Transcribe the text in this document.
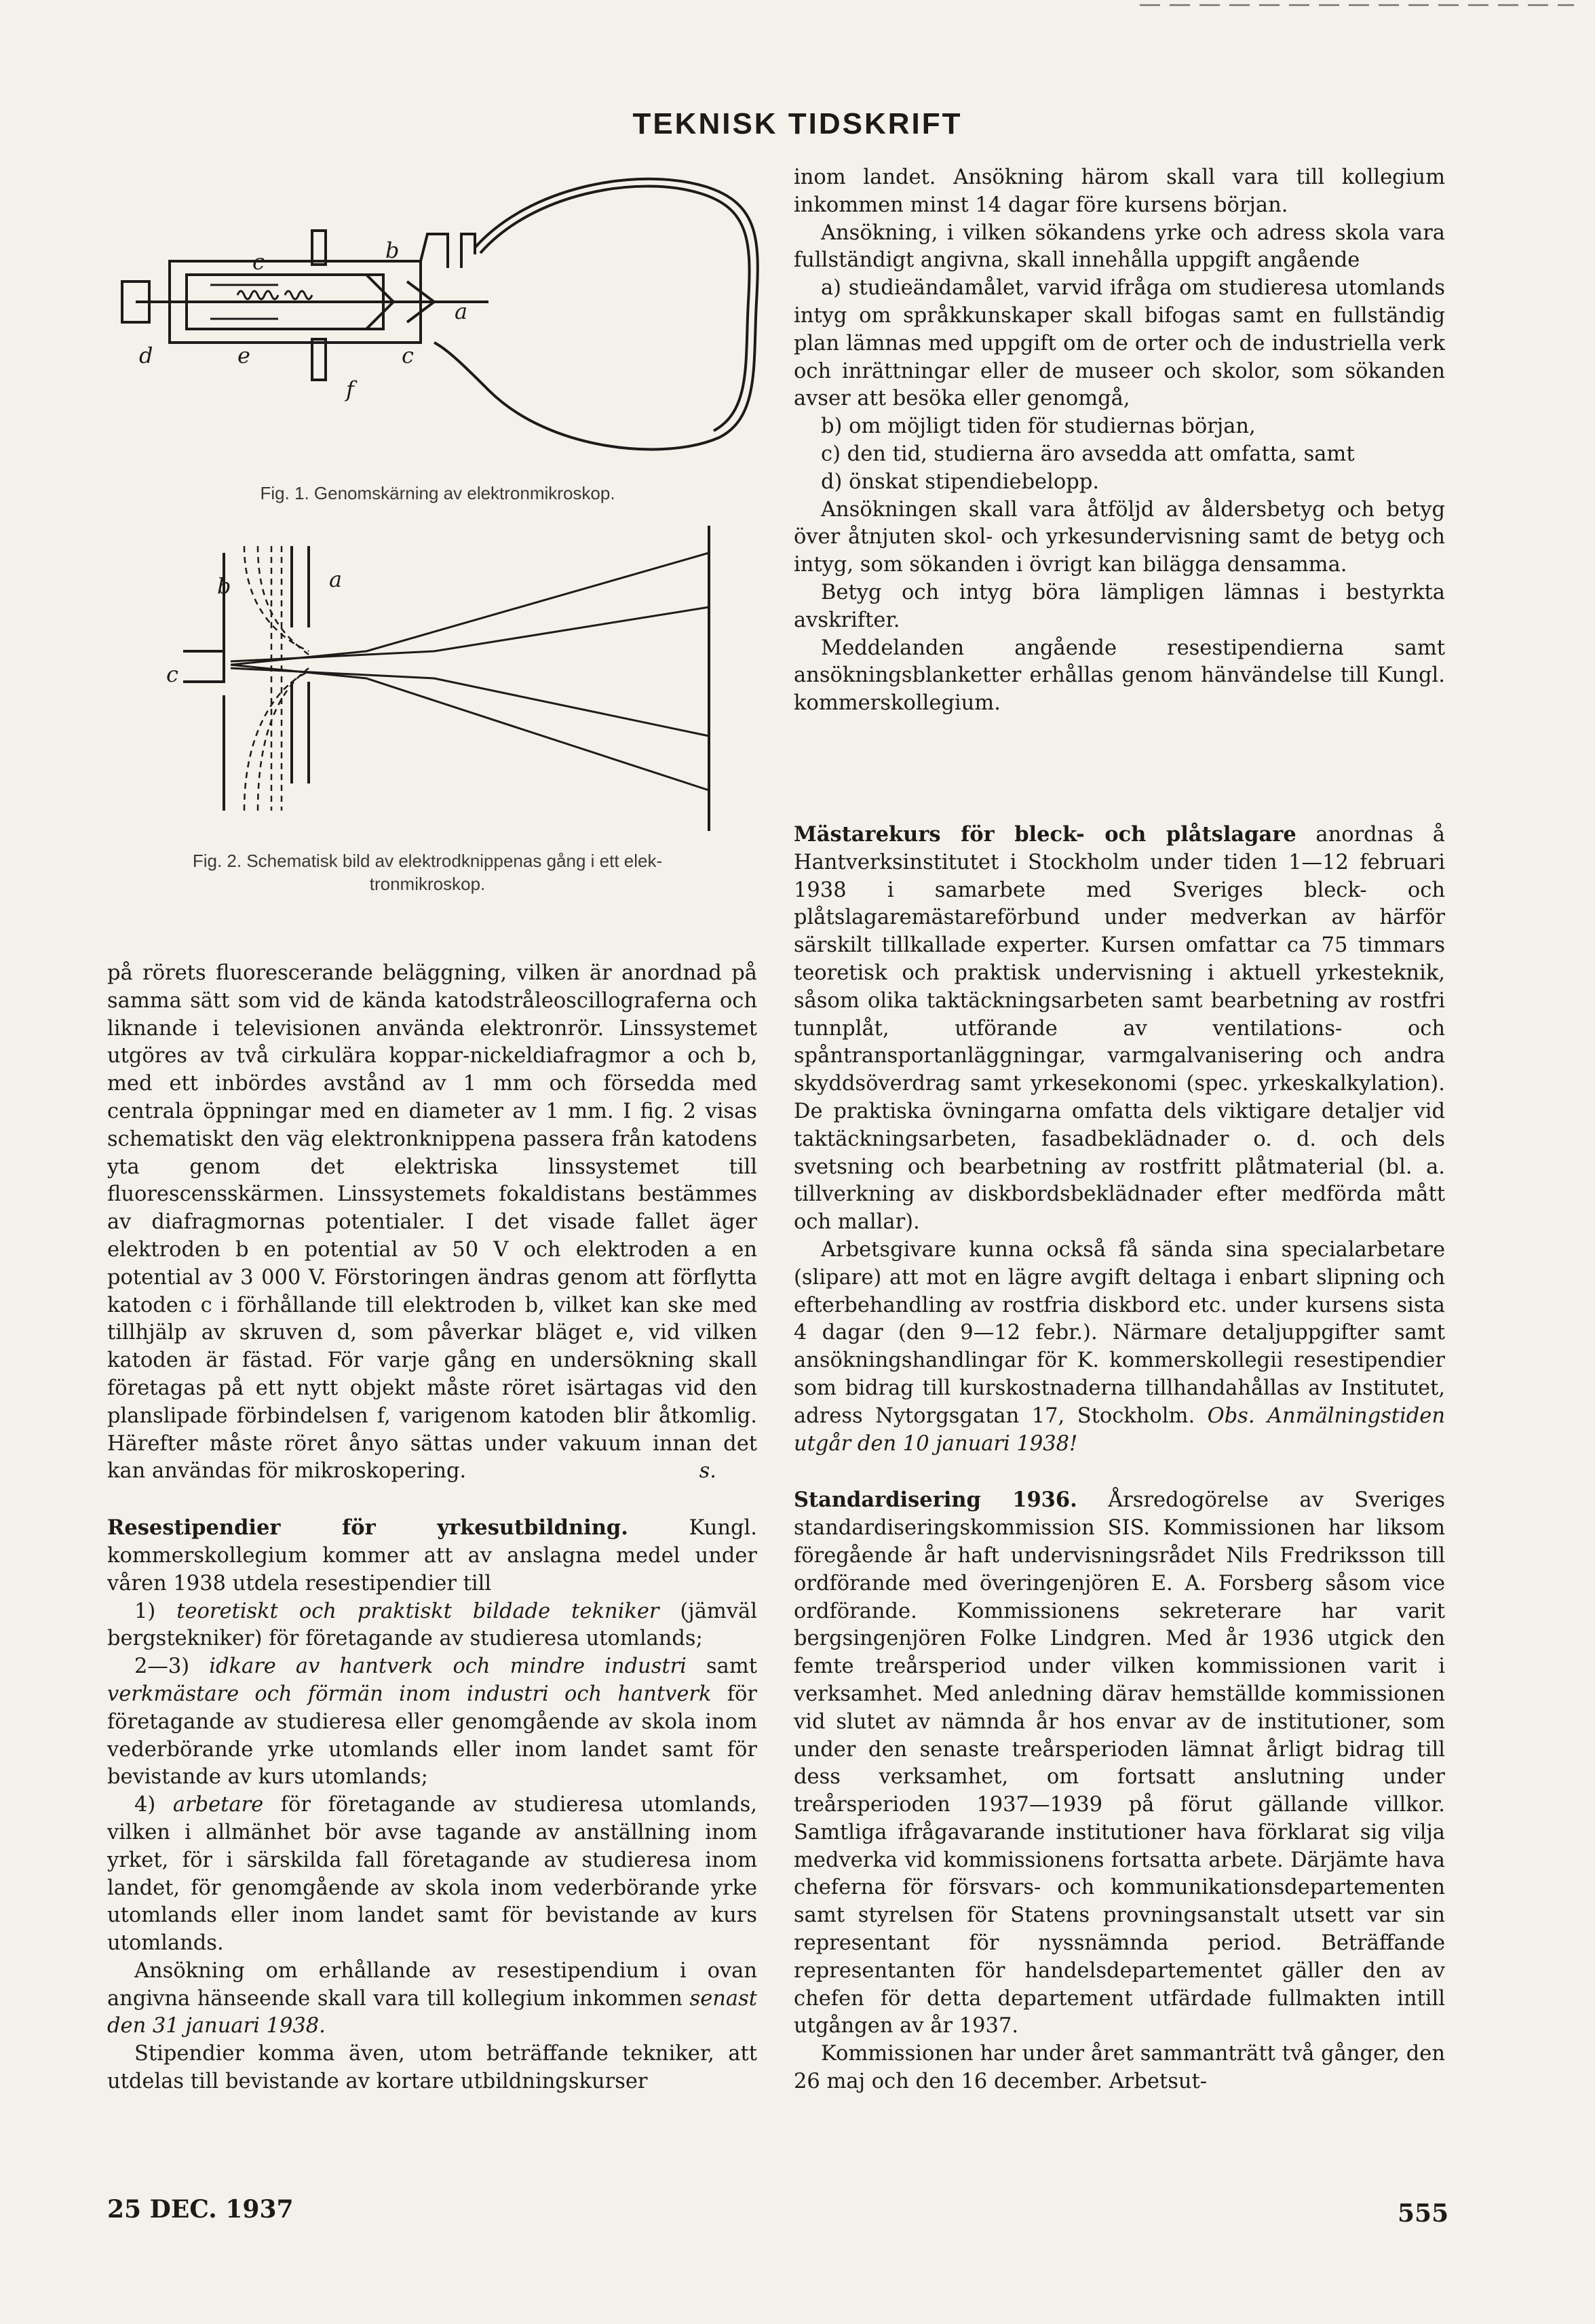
TEKNISK TIDSKRIFT
b
a
c
d	e
f
c
Fig. 1. Genomskärning av elektronmikroskop.
b	a
c
Fig. 2. Schematisk bild av elektrodknippenas gång i ett elek-
tronmikroskop.

på rörets fluorescerande beläggning, vilken är anordnad på samma sätt som vid de kända katodstråleoscillograferna och liknande i televisionen använda elektronrör. Linssystemet utgöres av två cirkulära koppar-nickeldiafragmor a och b, med ett inbördes avstånd av 1 mm och försedda med centrala öppningar med en diameter av 1 mm. I fig. 2 visas schematiskt den väg elektronknippena passera från katodens yta genom det elektriska linssystemet till fluorescensskärmen. Linssystemets fokaldistans bestämmes av diafragmornas potentialer. I det visade fallet äger elektroden b en potential av 50 V och elektroden a en potential av 3 000 V. Förstoringen ändras genom att förflytta katoden c i förhållande till elektroden b, vilket kan ske med tillhjälp av skruven d, som påverkar bläget e, vid vilken katoden är fästad. För varje gång en undersökning skall företagas på ett nytt objekt måste röret isärtagas vid den planslipade förbindelsen f, varigenom katoden blir åtkomlig. Härefter måste röret ånyo sättas under vakuum innan det kan användas för mikroskopering.	s.

Resestipendier för yrkesutbildning. Kungl. kommerskollegium kommer att av anslagna medel under våren 1938 utdela resestipendier till

1) teoretiskt och praktiskt bildade tekniker (jämväl bergstekniker) för företagande av studieresa utomlands;

2—3) idkare av hantverk och mindre industri samt verkmästare och förmän inom industri och hantverk för företagande av studieresa eller genomgående av skola inom vederbörande yrke utomlands eller inom landet samt för bevistande av kurs utomlands;

4) arbetare för företagande av studieresa utomlands, vilken i allmänhet bör avse tagande av anställning inom yrket, för i särskilda fall företagande av studieresa inom landet, för genomgående av skola inom vederbörande yrke utomlands eller inom landet samt för bevistande av kurs utomlands.

Ansökning om erhållande av resestipendium i ovan angivna hänseende skall vara till kollegium inkommen senast den 31 januari 1938.

Stipendier komma även, utom beträffande tekniker, att utdelas till bevistande av kortare utbildningskurser

inom landet. Ansökning härom skall vara till kollegium inkommen minst 14 dagar före kursens början.

Ansökning, i vilken sökandens yrke och adress skola vara fullständigt angivna, skall innehålla uppgift angående

a) studieändamålet, varvid ifråga om studieresa utomlands intyg om språkkunskaper skall bifogas samt en fullständig plan lämnas med uppgift om de orter och de industriella verk och inrättningar eller de museer och skolor, som sökanden avser att besöka eller genomgå,

b) om möjligt tiden för studiernas början,

c) den tid, studierna äro avsedda att omfatta, samt

d) önskat stipendiebelopp.

Ansökningen skall vara åtföljd av åldersbetyg och betyg över åtnjuten skol- och yrkesundervisning samt de betyg och intyg, som sökanden i övrigt kan bilägga densamma.

Betyg och intyg böra lämpligen lämnas i bestyrkta avskrifter.

Meddelanden angående resestipendierna samt ansökningsblanketter erhållas genom hänvändelse till Kungl. kommerskollegium.

Mästarekurs för bleck- och plåtslagare anordnas å Hantverksinstitutet i Stockholm under tiden 1—12 februari 1938 i samarbete med Sveriges bleck- och plåtslagaremästareförbund under medverkan av härför särskilt tillkallade experter. Kursen omfattar ca 75 timmars teoretisk och praktisk undervisning i aktuell yrkesteknik, såsom olika taktäckningsarbeten samt bearbetning av rostfri tunnplåt, utförande av ventilations- och spåntransportanläggningar, varmgalvanisering och andra skyddsöverdrag samt yrkesekonomi (spec. yrkeskalkylation). De praktiska övningarna omfatta dels viktigare detaljer vid taktäckningsarbeten, fasadbeklädnader o. d. och dels svetsning och bearbetning av rostfritt plåtmaterial (bl. a. tillverkning av diskbordsbeklädnader efter medförda mått och mallar).

Arbetsgivare kunna också få sända sina specialarbetare (slipare) att mot en lägre avgift deltaga i enbart slipning och efterbehandling av rostfria diskbord etc. under kursens sista 4 dagar (den 9—12 febr.). Närmare detaljuppgifter samt ansökningshandlingar för K. kommerskollegii resestipendier som bidrag till kurskostnaderna tillhandahållas av Institutet, adress Nytorgsgatan 17, Stockholm. Obs. Anmälningstiden utgår den 10 januari 1938!

Standardisering 1936. Årsredogörelse av Sveriges standardiseringskommission SIS. Kommissionen har liksom föregående år haft undervisningsrådet Nils Fredriksson till ordförande med överingenjören E. A. Forsberg såsom vice ordförande. Kommissionens sekreterare har varit bergsingenjören Folke Lindgren. Med år 1936 utgick den femte treårsperiod under vilken kommissionen varit i verksamhet. Med anledning därav hemställde kommissionen vid slutet av nämnda år hos envar av de institutioner, som under den senaste treårsperioden lämnat årligt bidrag till dess verksamhet, om fortsatt anslutning under treårsperioden 1937—1939 på förut gällande villkor. Samtliga ifrågavarande institutioner hava förklarat sig vilja medverka vid kommissionens fortsatta arbete. Därjämte hava cheferna för försvars- och kommunikationsdepartementen samt styrelsen för Statens provningsanstalt utsett var sin representant för nyssnämnda period. Beträffande representanten för handelsdepartementet gäller den av chefen för detta departement utfärdade fullmakten intill utgången av år 1937.

Kommissionen har under året sammanträtt två gånger, den 26 maj och den 16 december. Arbetsut-

25 DEC. 1937	555
